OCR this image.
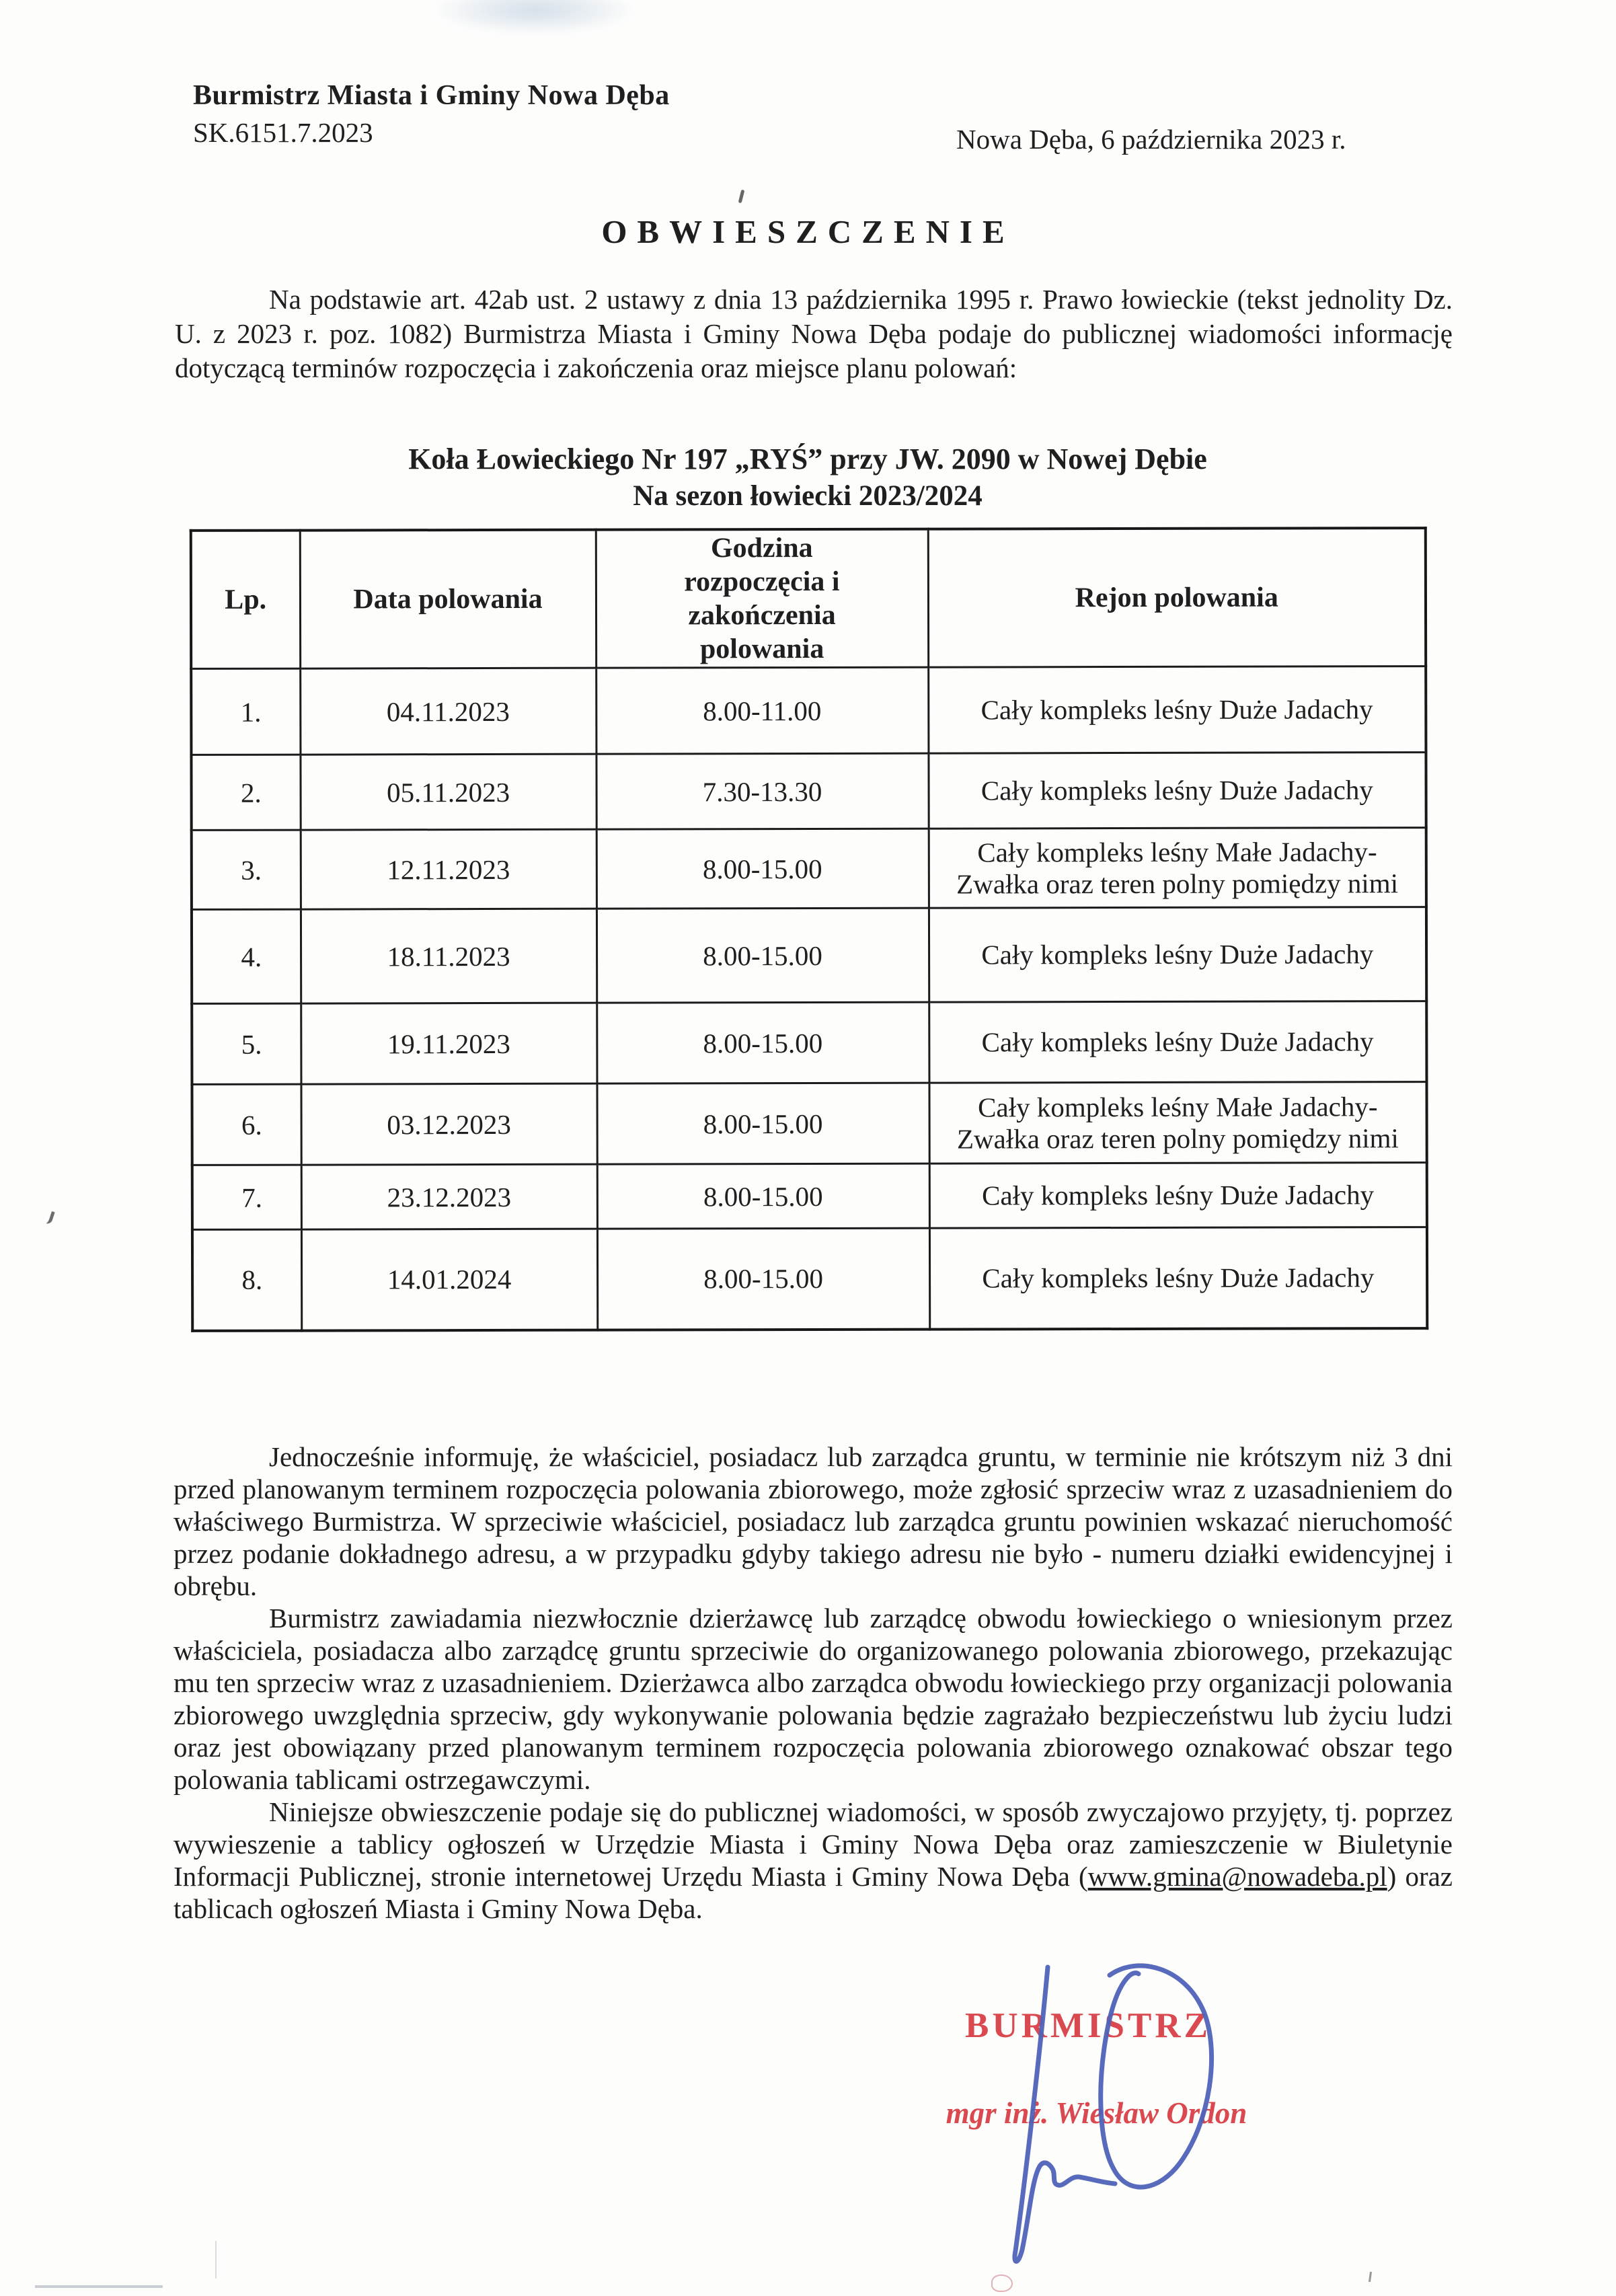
Burmistrz Miasta i Gminy Nowa Dęba
SK.6151.7.2023	Nowa Dęba, 6 października 2023 r.
OBWIESZCZENIE
Na podstawie art. 42ab ust. 2 ustawy z dnia 13 października 1995 r. Prawo łowieckie (tekst jednolity Dz. U. z 2023 r. poz. 1082) Burmistrza Miasta i Gminy Nowa Dęba podaje do publicznej wiadomości informację dotyczącą terminów rozpoczęcia i zakończenia oraz miejsce planu polowań:
Koła Łowieckiego Nr 197 „RYŚ” przy JW. 2090 w Nowej Dębie
Na sezon łowiecki 2023/2024
Lp.	Data polowania	Godzina rozpoczęcia i zakończenia polowania	Rejon polowania
1.	04.11.2023	8.00-11.00	Cały kompleks leśny Duże Jadachy
2.	05.11.2023	7.30-13.30	Cały kompleks leśny Duże Jadachy
3.	12.11.2023	8.00-15.00	Cały kompleks leśny Małe Jadachy-Zwałka oraz teren polny pomiędzy nimi
4.	18.11.2023	8.00-15.00	Cały kompleks leśny Duże Jadachy
5.	19.11.2023	8.00-15.00	Cały kompleks leśny Duże Jadachy
6.	03.12.2023	8.00-15.00	Cały kompleks leśny Małe Jadachy-Zwałka oraz teren polny pomiędzy nimi
7.	23.12.2023	8.00-15.00	Cały kompleks leśny Duże Jadachy
8.	14.01.2024	8.00-15.00	Cały kompleks leśny Duże Jadachy

Jednocześnie informuję, że właściciel, posiadacz lub zarządca gruntu, w terminie nie krótszym niż 3 dni przed planowanym terminem rozpoczęcia polowania zbiorowego, może zgłosić sprzeciw wraz z uzasadnieniem do właściwego Burmistrza. W sprzeciwie właściciel, posiadacz lub zarządca gruntu powinien wskazać nieruchomość przez podanie dokładnego adresu, a w przypadku gdyby takiego adresu nie było - numeru działki ewidencyjnej i obrębu.

Burmistrz zawiadamia niezwłocznie dzierżawcę lub zarządcę obwodu łowieckiego o wniesionym przez właściciela, posiadacza albo zarządcę gruntu sprzeciwie do organizowanego polowania zbiorowego, przekazując mu ten sprzeciw wraz z uzasadnieniem. Dzierżawca albo zarządca obwodu łowieckiego przy organizacji polowania zbiorowego uwzględnia sprzeciw, gdy wykonywanie polowania będzie zagrażało bezpieczeństwu lub życiu ludzi oraz jest obowiązany przed planowanym terminem rozpoczęcia polowania zbiorowego oznakować obszar tego polowania tablicami ostrzegawczymi.

Niniejsze obwieszczenie podaje się do publicznej wiadomości, w sposób zwyczajowo przyjęty, tj. poprzez wywieszenie a tablicy ogłoszeń w Urzędzie Miasta i Gminy Nowa Dęba oraz zamieszczenie w Biuletynie Informacji Publicznej, stronie internetowej Urzędu Miasta i Gminy Nowa Dęba (www.gmina@nowadeba.pl) oraz tablicach ogłoszeń Miasta i Gminy Nowa Dęba.

BURMISTRZ
mgr inż. Wiesław Ordon
